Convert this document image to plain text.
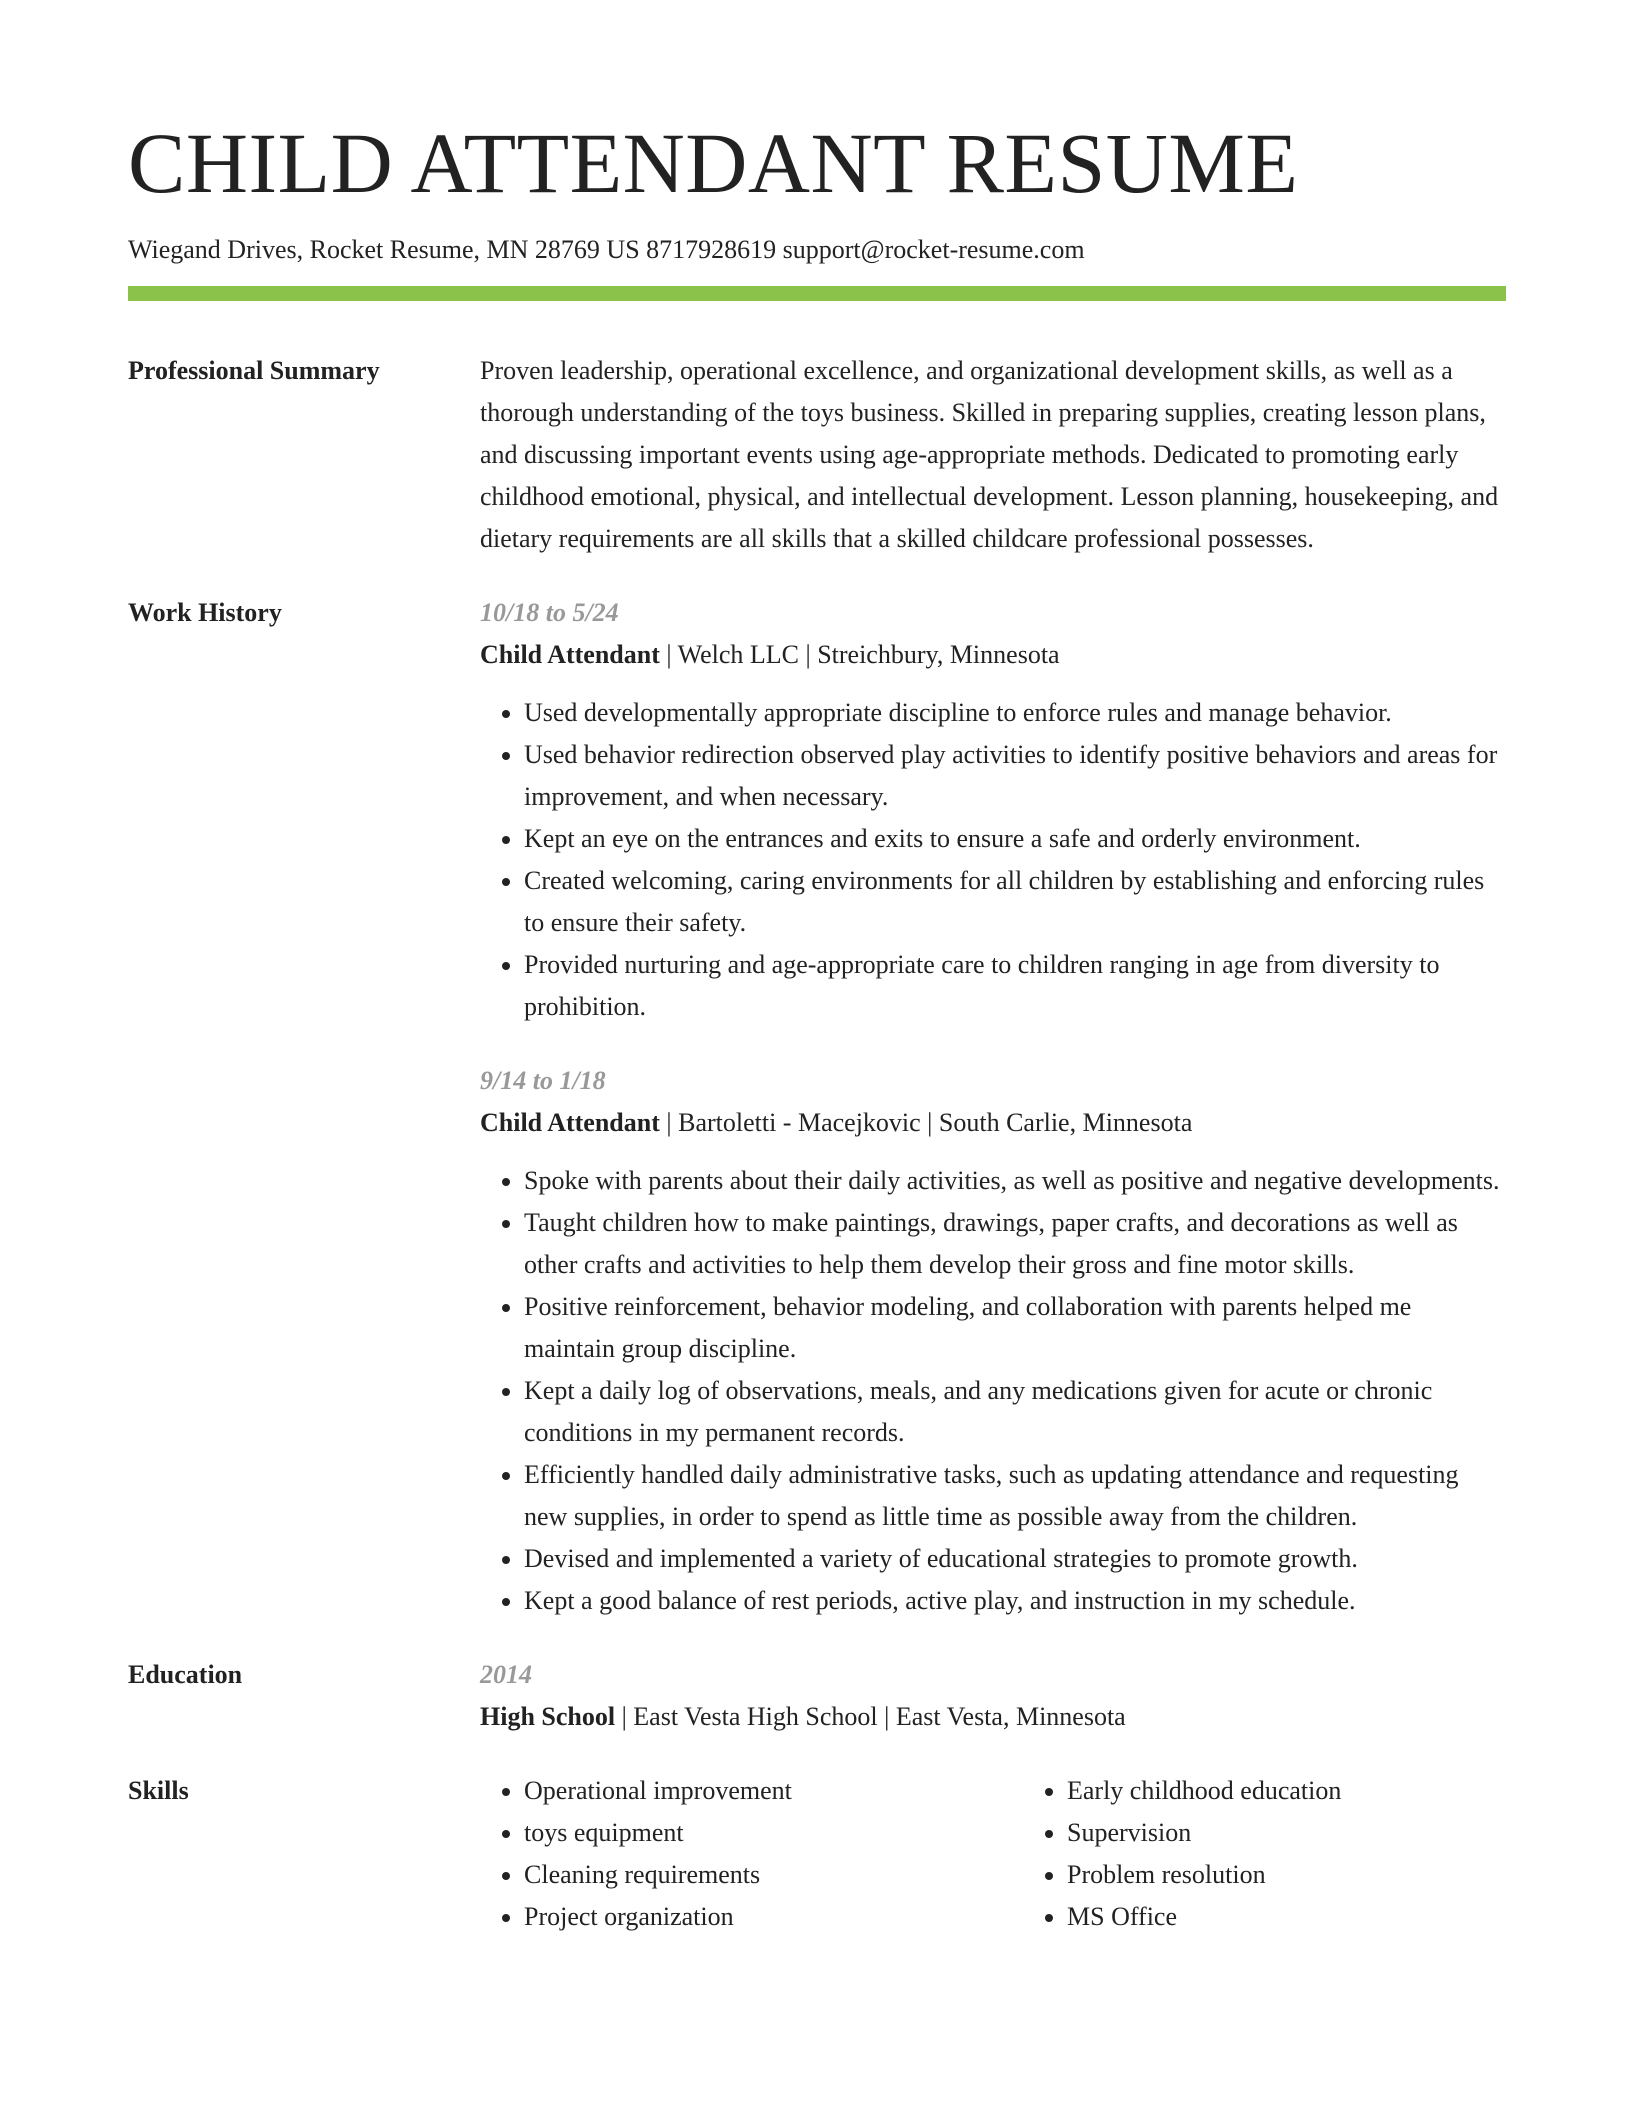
CHILD ATTENDANT RESUME
Wiegand Drives, Rocket Resume, MN 28769 US 8717928619 support@rocket-resume.com
Professional Summary	Proven leadership, operational excellence, and organizational development skills, as well as a thorough understanding of the toys business. Skilled in preparing supplies, creating lesson plans, and discussing important events using age-appropriate methods. Dedicated to promoting early childhood emotional, physical, and intellectual development. Lesson planning, housekeeping, and dietary requirements are all skills that a skilled childcare professional possesses.

Work History	10/18 to 5/24
Child Attendant | Welch LLC | Streichbury, Minnesota
• Used developmentally appropriate discipline to enforce rules and manage behavior.
• Used behavior redirection observed play activities to identify positive behaviors and areas for improvement, and when necessary.
• Kept an eye on the entrances and exits to ensure a safe and orderly environment.
• Created welcoming, caring environments for all children by establishing and enforcing rules to ensure their safety.
• Provided nurturing and age-appropriate care to children ranging in age from diversity to prohibition.
9/14 to 1/18
Child Attendant | Bartoletti - Macejkovic | South Carlie, Minnesota
• Spoke with parents about their daily activities, as well as positive and negative developments.
• Taught children how to make paintings, drawings, paper crafts, and decorations as well as other crafts and activities to help them develop their gross and fine motor skills.
• Positive reinforcement, behavior modeling, and collaboration with parents helped me maintain group discipline.
• Kept a daily log of observations, meals, and any medications given for acute or chronic conditions in my permanent records.
• Efficiently handled daily administrative tasks, such as updating attendance and requesting new supplies, in order to spend as little time as possible away from the children.
• Devised and implemented a variety of educational strategies to promote growth.
• Kept a good balance of rest periods, active play, and instruction in my schedule.
Education	2014
High School | East Vesta High School | East Vesta, Minnesota
Skills
•	Operational improvement
• toys equipment
• Cleaning requirements
• Project organization
• Early childhood education
• Supervision
• Problem resolution
• MS Office
